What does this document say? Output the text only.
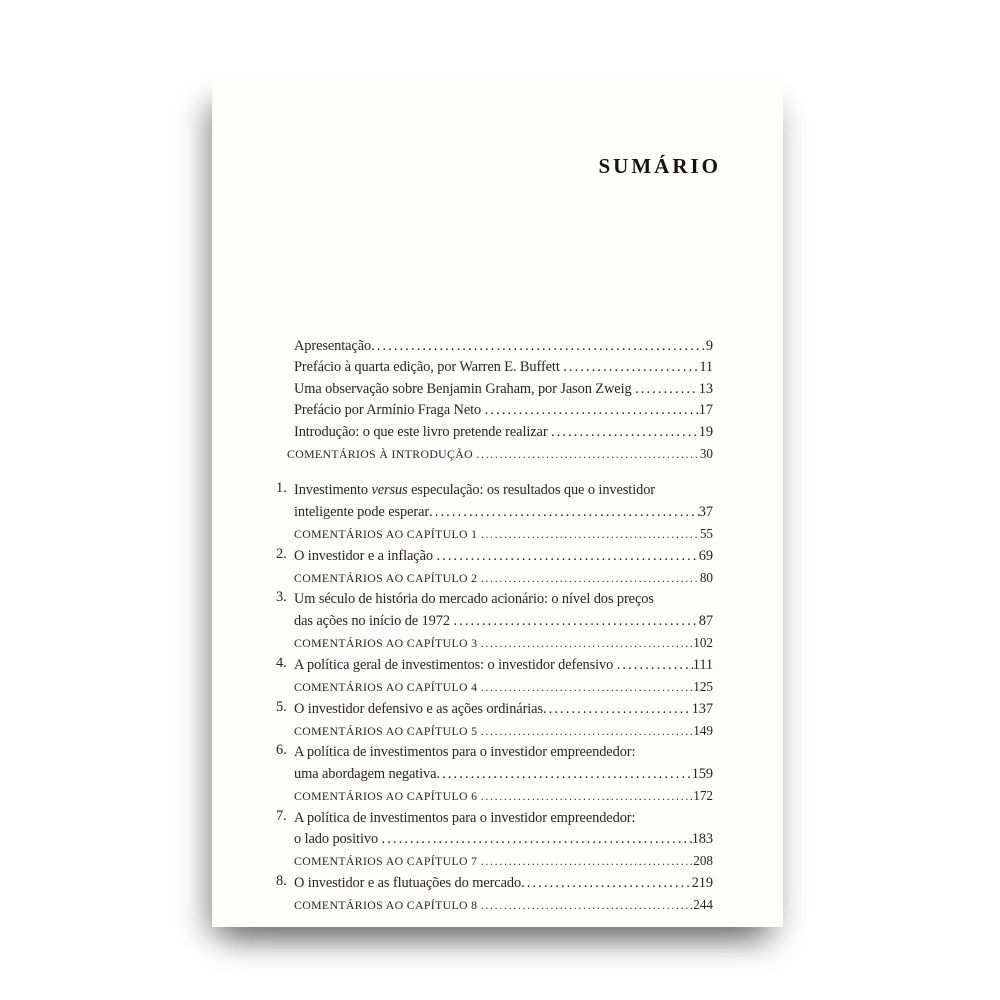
SUMÁRIO
Apresentação .....	9
Prefácio à quarta edição, por Warren E. Buffett .....	11
Uma observação sobre Benjamin Graham, por Jason Zweig .....	13
Prefácio por Armínio Fraga Neto .....	17
Introdução: o que este livro pretende realizar .....	19
COMENTÁRIOS À INTRODUÇÃO .....	30
1. Investimento versus especulação: os resultados que o investidor
inteligente pode esperar .....	37
COMENTÁRIOS AO CAPÍTULO 1 .....	55
2. O investidor e a inflação .....	69
COMENTÁRIOS AO CAPÍTULO 2 .....	80
3. Um século de história do mercado acionário: o nível dos preços
das ações no início de 1972 .....	87
COMENTÁRIOS AO CAPÍTULO 3 .....	102
4. A política geral de investimentos: o investidor defensivo .....	111
COMENTÁRIOS AO CAPÍTULO 4 .....	125
5. O investidor defensivo e as ações ordinárias .....	137
COMENTÁRIOS AO CAPÍTULO 5 .....	149
6. A política de investimentos para o investidor empreendedor:
uma abordagem negativa .....	159
COMENTÁRIOS AO CAPÍTULO 6 .....	172
7. A política de investimentos para o investidor empreendedor:
o lado positivo .....	183
COMENTÁRIOS AO CAPÍTULO 7 .....	208
8. O investidor e as flutuações do mercado .....	219
COMENTÁRIOS AO CAPÍTULO 8 .....	244
